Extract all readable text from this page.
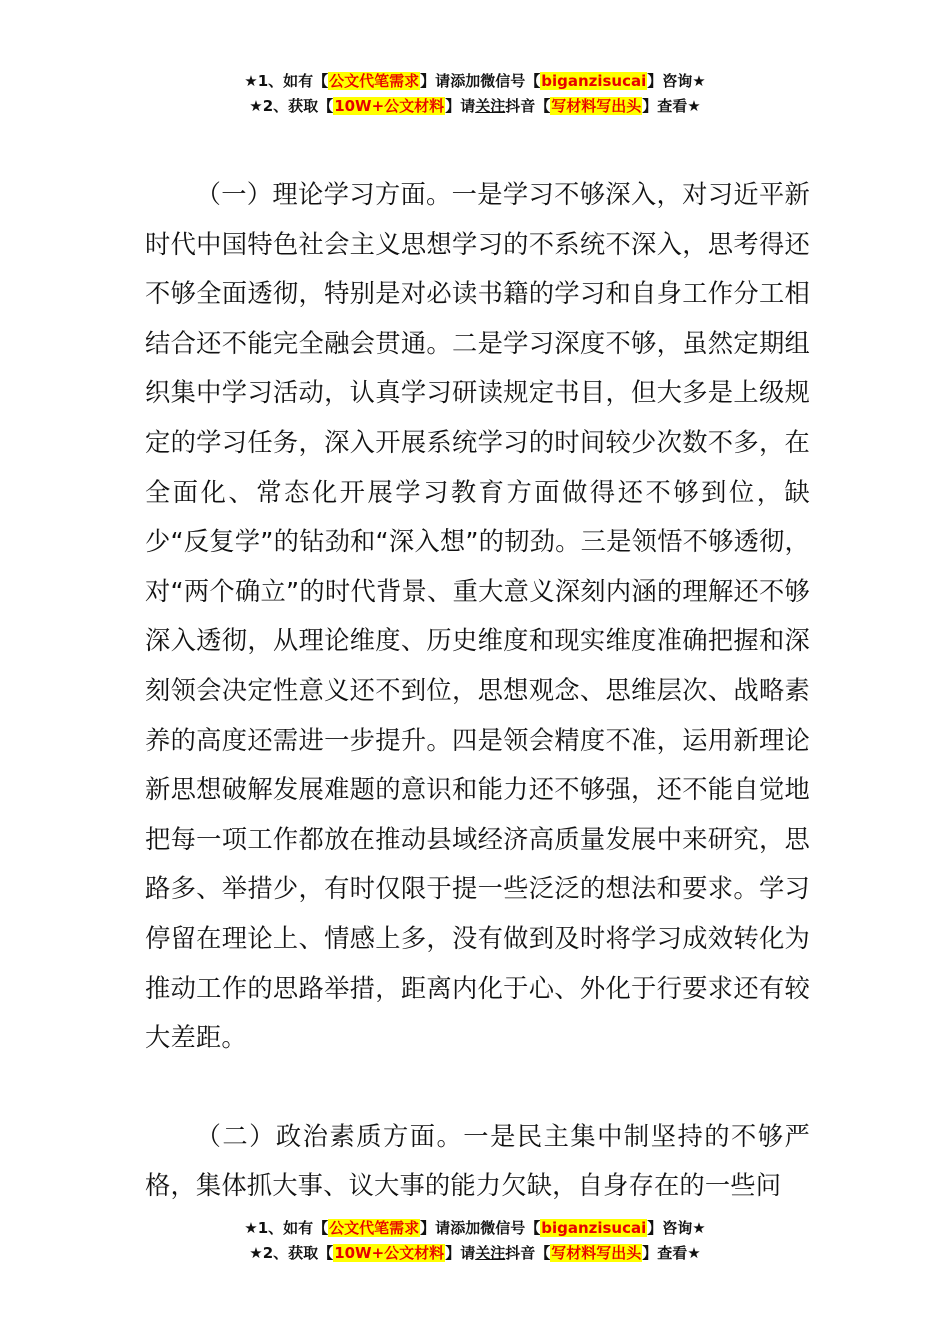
★1、如有【公文代笔需求】请添加微信号【biganzisucai】咨询★
★2、获取【10W+公文材料】请关注抖音【写材料写出头】查看★

（一）理论学习方面。一是学习不够深入，对习近平新时代中国特色社会主义思想学习的不系统不深入，思考得还不够全面透彻，特别是对必读书籍的学习和自身工作分工相结合还不能完全融会贯通。二是学习深度不够，虽然定期组织集中学习活动，认真学习研读规定书目，但大多是上级规定的学习任务，深入开展系统学习的时间较少次数不多，在全面化、常态化开展学习教育方面做得还不够到位，缺少“反复学”的钻劲和“深入想”的韧劲。三是领悟不够透彻，对“两个确立”的时代背景、重大意义深刻内涵的理解还不够深入透彻，从理论维度、历史维度和现实维度准确把握和深刻领会决定性意义还不到位，思想观念、思维层次、战略素养的高度还需进一步提升。四是领会精度不准，运用新理论新思想破解发展难题的意识和能力还不够强，还不能自觉地把每一项工作都放在推动县域经济高质量发展中来研究，思路多、举措少，有时仅限于提一些泛泛的想法和要求。学习停留在理论上、情感上多，没有做到及时将学习成效转化为推动工作的思路举措，距离内化于心、外化于行要求还有较大差距。

（二）政治素质方面。一是民主集中制坚持的不够严格，集体抓大事、议大事的能力欠缺，自身存在的一些问

★1、如有【公文代笔需求】请添加微信号【biganzisucai】咨询★
★2、获取【10W+公文材料】请关注抖音【写材料写出头】查看★
